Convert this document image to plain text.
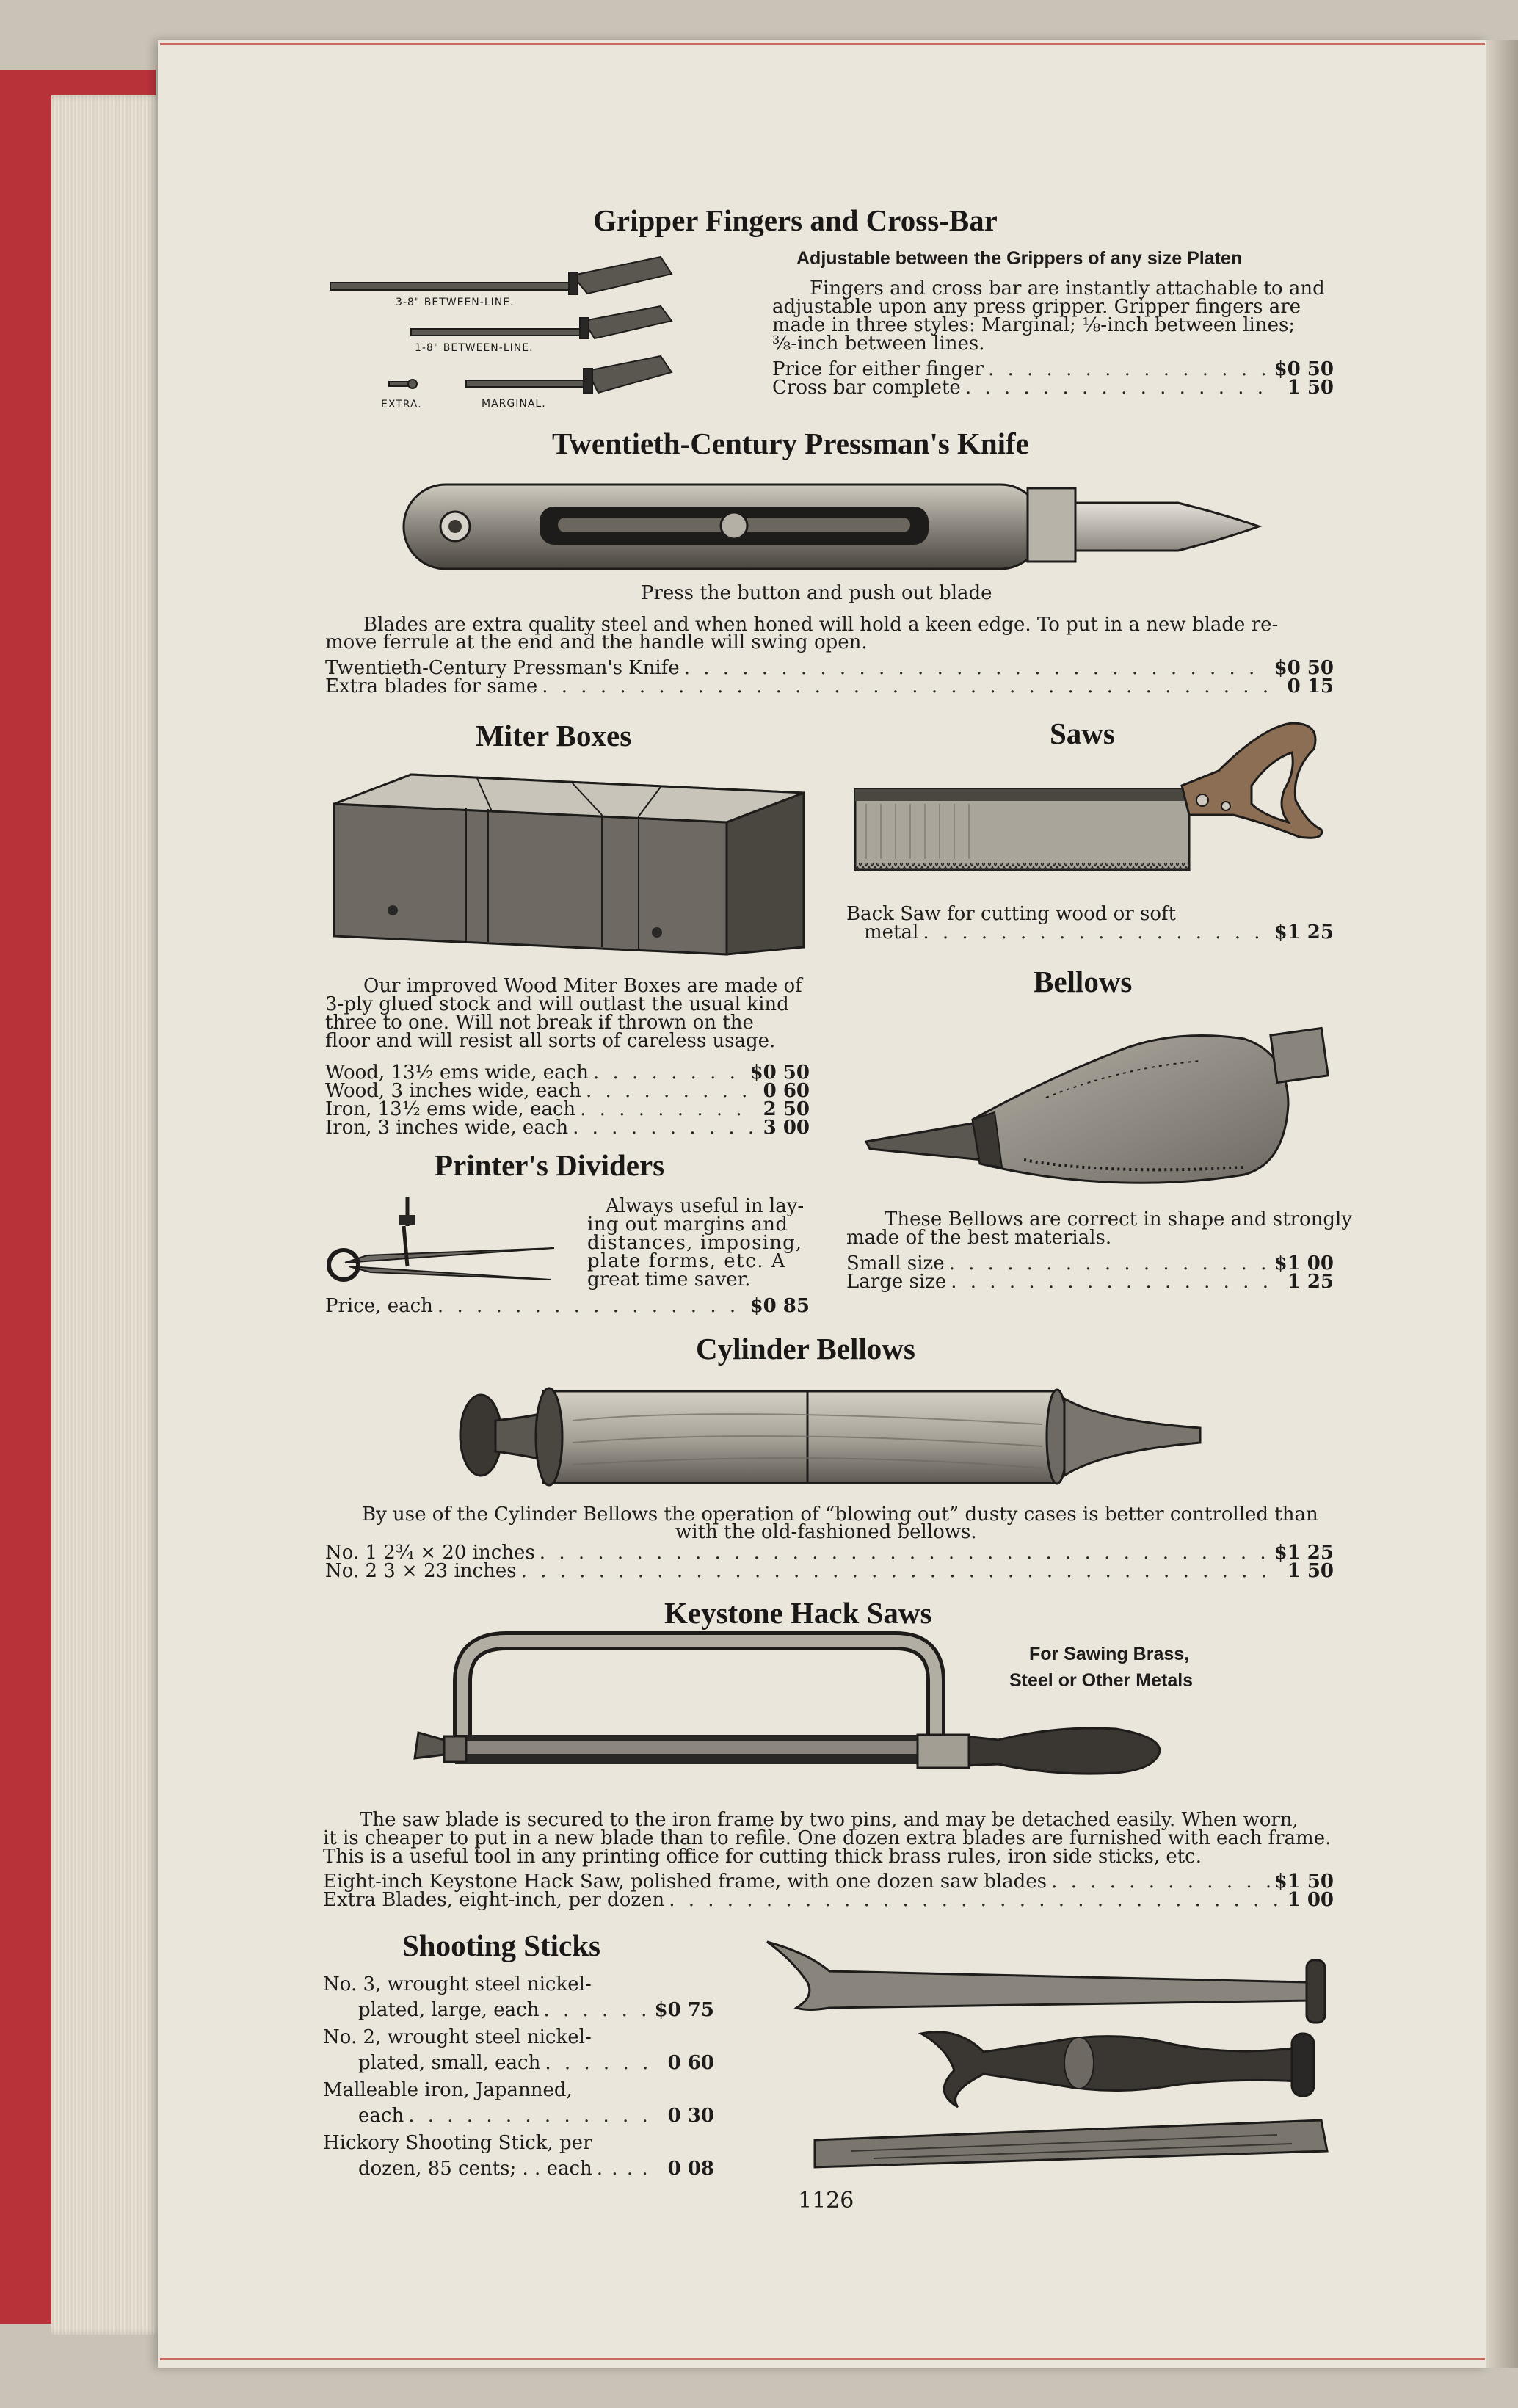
Gripper Fingers and Cross-Bar
Adjustable between the Grippers of any size Platen
3-8" BETWEEN-LINE.
1-8" BETWEEN-LINE.
EXTRA.	MARGINAL.
Fingers and cross bar are instantly attachable to and
adjustable upon any press gripper. Gripper fingers are
made in three styles: Marginal; ⅛-inch between lines;
⅜-inch between lines.
Price for either finger . . .	$0 50
Cross bar complete . . .	1 50
Twentieth-Century Pressman's Knife
Press the button and push out blade
Blades are extra quality steel and when honed will hold a keen edge. To put in a new blade re-
move ferrule at the end and the handle will swing open.
Twentieth-Century Pressman's Knife . . .	$0 50
Extra blades for same . . .	0 15
Miter Boxes
Our improved Wood Miter Boxes are made of
3-ply glued stock and will outlast the usual kind
three to one. Will not break if thrown on the
floor and will resist all sorts of careless usage.
Wood, 13½ ems wide, each . . .	$0 50
Wood, 3 inches wide, each . . .	0 60
Iron, 13½ ems wide, each . . .	2 50
Iron, 3 inches wide, each . . .	3 00
Saws
Back Saw for cutting wood or soft
metal . . .	$1 25
Bellows
These Bellows are correct in shape and strongly
made of the best materials.
Small size . . .	$1 00
Large size . . .	1 25
Printer's Dividers
Always useful in lay-
ing out margins and
distances, imposing,
plate forms, etc. A
great time saver.
Price, each . . .	$0 85
Cylinder Bellows
By use of the Cylinder Bellows the operation of “blowing out” dusty cases is better controlled than
with the old-fashioned bellows.
No. 1 2¾ × 20 inches . . .	$1 25
No. 2 3 × 23 inches . . .	1 50
Keystone Hack Saws
For Sawing Brass,
Steel or Other Metals
The saw blade is secured to the iron frame by two pins, and may be detached easily. When worn,
it is cheaper to put in a new blade than to refile. One dozen extra blades are furnished with each frame.
This is a useful tool in any printing office for cutting thick brass rules, iron side sticks, etc.
Eight-inch Keystone Hack Saw, polished frame, with one dozen saw blades . . .	$1 50
Extra Blades, eight-inch, per dozen . . .	1 00
Shooting Sticks
No. 3, wrought steel nickel-
plated, large, each . . .	$0 75
No. 2, wrought steel nickel-
plated, small, each . . .	0 60
Malleable iron, Japanned,
each . . .	0 30
Hickory Shooting Stick, per
dozen, 85 cents; . . each . . .	0 08
1126
